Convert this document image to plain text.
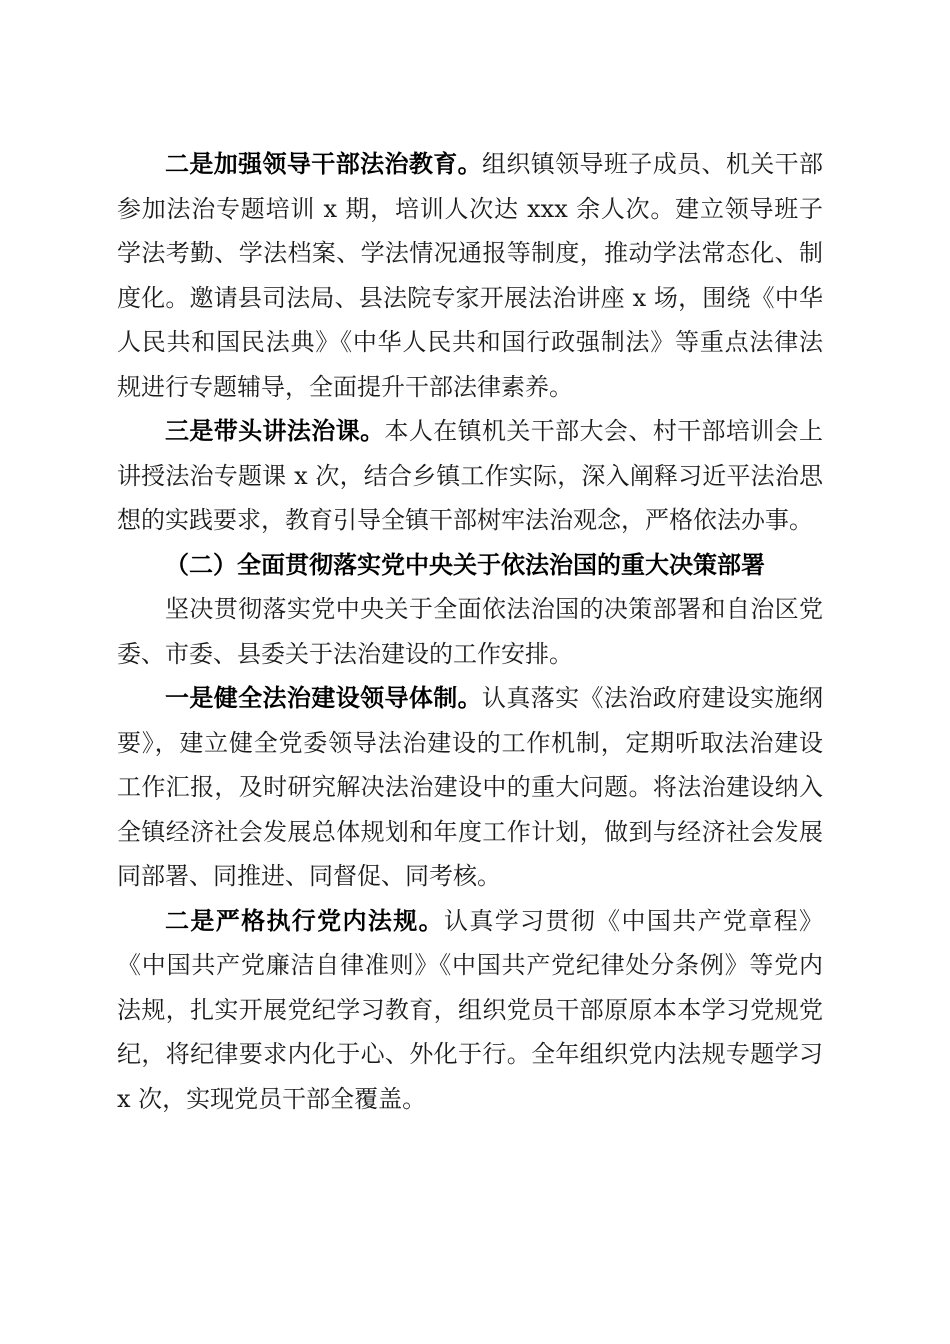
二是加强领导干部法治教育。组织镇领导班子成员、机关干部参加法治专题培训 x 期，培训人次达 xxx 余人次。建立领导班子学法考勤、学法档案、学法情况通报等制度，推动学法常态化、制度化。邀请县司法局、县法院专家开展法治讲座 x 场，围绕《中华人民共和国民法典》《中华人民共和国行政强制法》等重点法律法规进行专题辅导，全面提升干部法律素养。

三是带头讲法治课。本人在镇机关干部大会、村干部培训会上讲授法治专题课 x 次，结合乡镇工作实际，深入阐释习近平法治思想的实践要求，教育引导全镇干部树牢法治观念，严格依法办事。

（二）全面贯彻落实党中央关于依法治国的重大决策部署

坚决贯彻落实党中央关于全面依法治国的决策部署和自治区党委、市委、县委关于法治建设的工作安排。

一是健全法治建设领导体制。认真落实《法治政府建设实施纲要》，建立健全党委领导法治建设的工作机制，定期听取法治建设工作汇报，及时研究解决法治建设中的重大问题。将法治建设纳入全镇经济社会发展总体规划和年度工作计划，做到与经济社会发展同部署、同推进、同督促、同考核。

二是严格执行党内法规。认真学习贯彻《中国共产党章程》《中国共产党廉洁自律准则》《中国共产党纪律处分条例》等党内法规，扎实开展党纪学习教育，组织党员干部原原本本学习党规党纪，将纪律要求内化于心、外化于行。全年组织党内法规专题学习 x 次，实现党员干部全覆盖。
